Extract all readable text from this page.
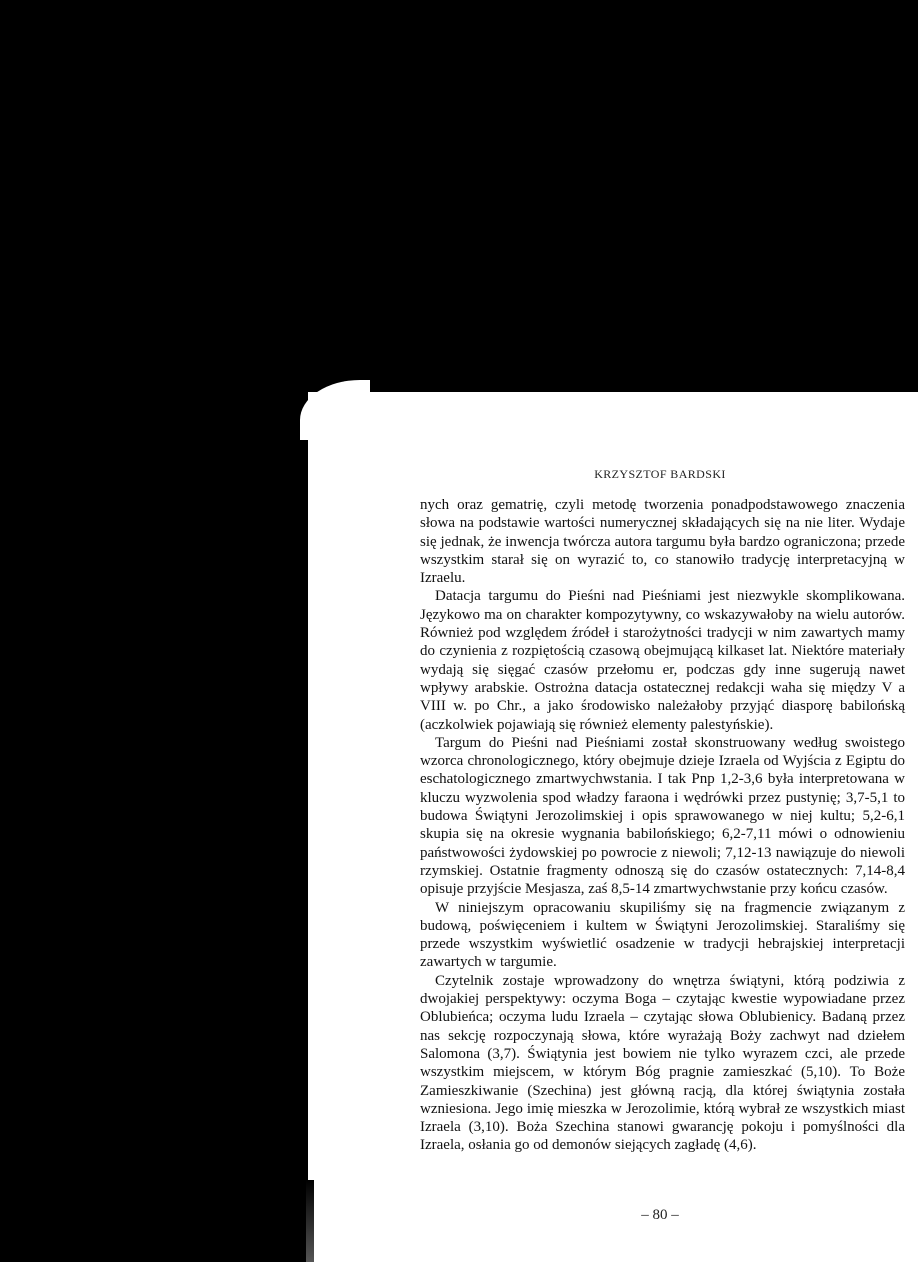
KRZYSZTOF BARDSKI

nych oraz gematrię, czyli metodę tworzenia ponadpodstawowego znaczenia słowa na podstawie wartości numerycznej składających się na nie liter. Wydaje się jednak, że inwencja twórcza autora targumu była bardzo ograniczona; przede wszystkim starał się on wyrazić to, co stanowiło tradycję interpretacyjną w Izraelu.

Datacja targumu do Pieśni nad Pieśniami jest niezwykle skomplikowana. Językowo ma on charakter kompozytywny, co wskazywałoby na wielu autorów. Również pod względem źródeł i starożytności tradycji w nim zawartych mamy do czynienia z rozpiętością czasową obejmującą kilkaset lat. Niektóre materiały wydają się sięgać czasów przełomu er, podczas gdy inne sugerują nawet wpływy arabskie. Ostrożna datacja ostatecznej redakcji waha się między V a VIII w. po Chr., a jako środowisko należałoby przyjąć diasporę babilońską (aczkolwiek pojawiają się również elementy palestyńskie).

Targum do Pieśni nad Pieśniami został skonstruowany według swoistego wzorca chronologicznego, który obejmuje dzieje Izraela od Wyjścia z Egiptu do eschatologicznego zmartwychwstania. I tak Pnp 1,2-3,6 była interpretowana w kluczu wyzwolenia spod władzy faraona i wędrówki przez pustynię; 3,7-5,1 to budowa Świątyni Jerozolimskiej i opis sprawowanego w niej kultu; 5,2-6,1 skupia się na okresie wygnania babilońskiego; 6,2-7,11 mówi o odnowieniu państwowości żydowskiej po powrocie z niewoli; 7,12-13 nawiązuje do niewoli rzymskiej. Ostatnie fragmenty odnoszą się do czasów ostatecznych: 7,14-8,4 opisuje przyjście Mesjasza, zaś 8,5-14 zmartwychwstanie przy końcu czasów.

W niniejszym opracowaniu skupiliśmy się na fragmencie związanym z budową, poświęceniem i kultem w Świątyni Jerozolimskiej. Staraliśmy się przede wszystkim wyświetlić osadzenie w tradycji hebrajskiej interpretacji zawartych w targumie.

Czytelnik zostaje wprowadzony do wnętrza świątyni, którą podziwia z dwojakiej perspektywy: oczyma Boga – czytając kwestie wypowiadane przez Oblubieńca; oczyma ludu Izraela – czytając słowa Oblubienicy. Badaną przez nas sekcję rozpoczynają słowa, które wyrażają Boży zachwyt nad dziełem Salomona (3,7). Świątynia jest bowiem nie tylko wyrazem czci, ale przede wszystkim miejscem, w którym Bóg pragnie zamieszkać (5,10). To Boże Zamieszkiwanie (Szechina) jest główną racją, dla której świątynia została wzniesiona. Jego imię mieszka w Jerozolimie, którą wybrał ze wszystkich miast Izraela (3,10). Boża Szechina stanowi gwarancję pokoju i pomyślności dla Izraela, osłania go od demonów siejących zagładę (4,6).

– 80 –
